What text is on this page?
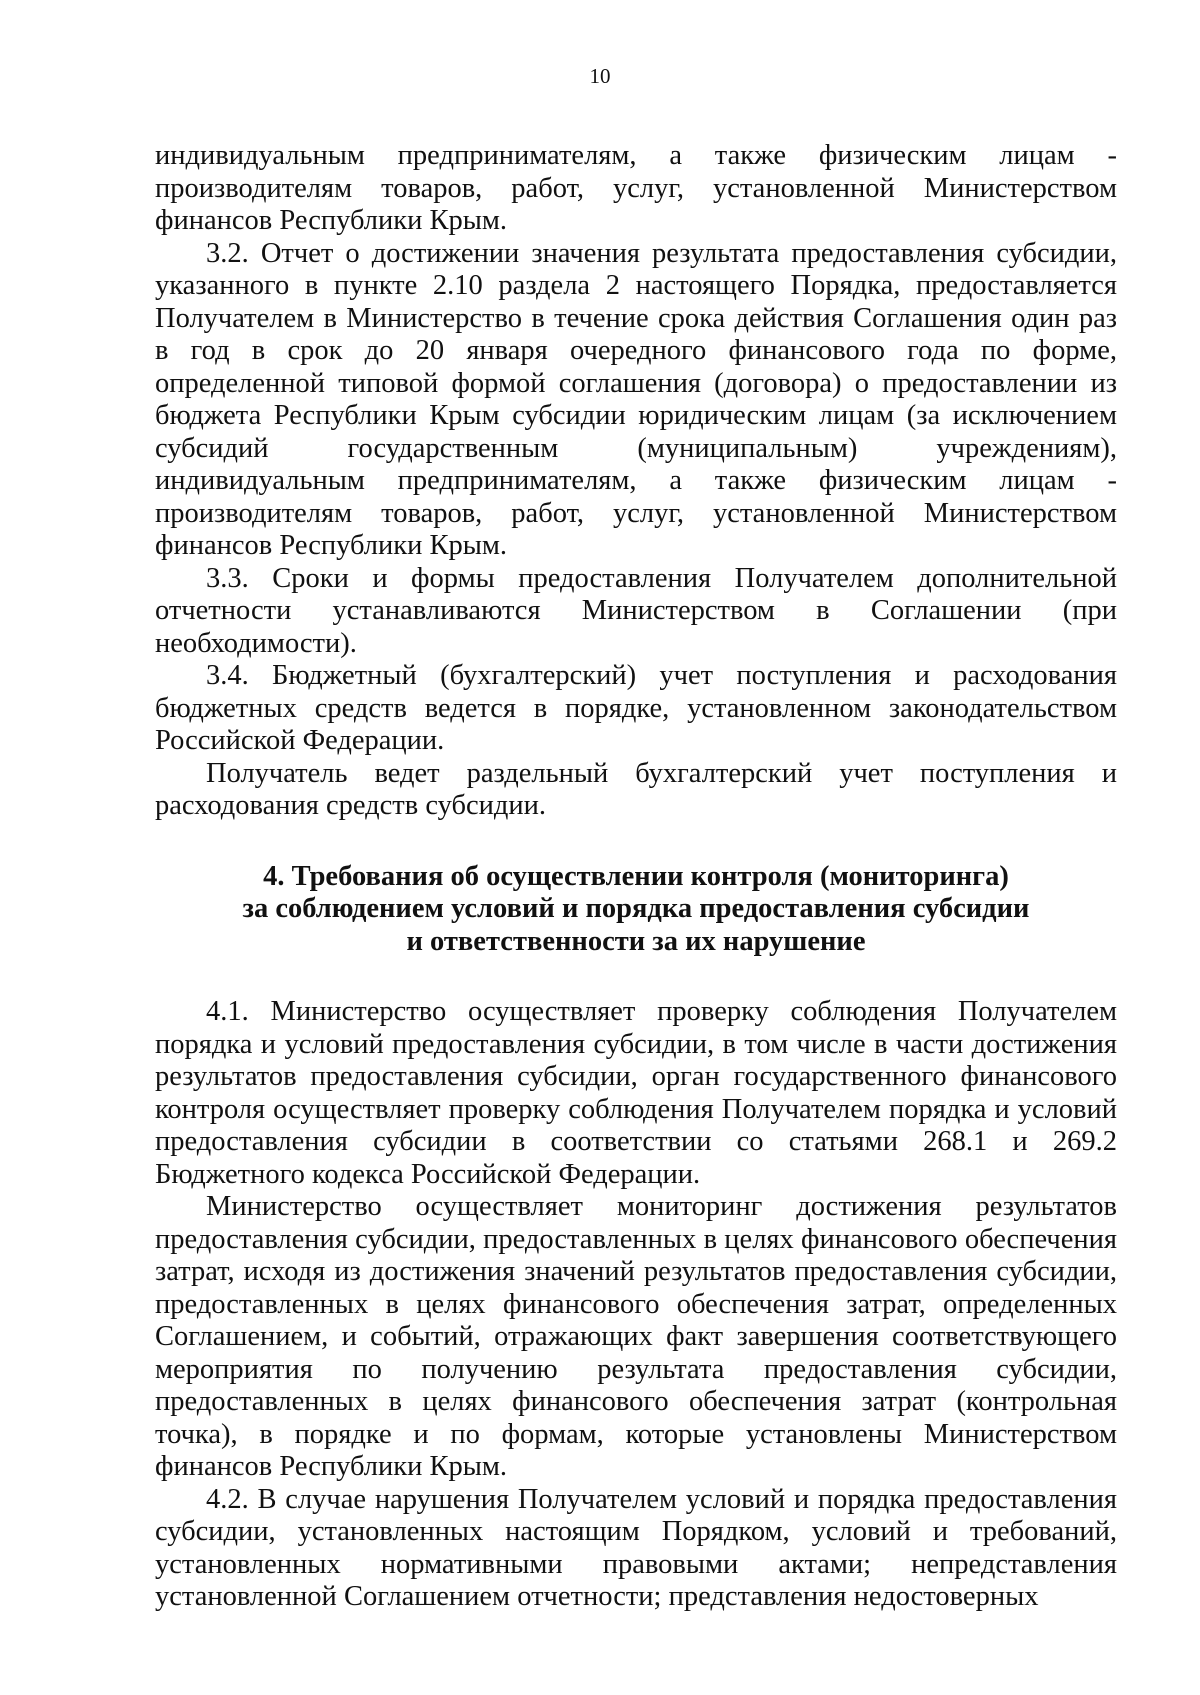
10

индивидуальным предпринимателям, а также физическим лицам - производителям товаров, работ, услуг, установленной Министерством финансов Республики Крым.

3.2. Отчет о достижении значения результата предоставления субсидии, указанного в пункте 2.10 раздела 2 настоящего Порядка, предоставляется Получателем в Министерство в течение срока действия Соглашения один раз в год в срок до 20 января очередного финансового года по форме, определенной типовой формой соглашения (договора) о предоставлении из бюджета Республики Крым субсидии юридическим лицам (за исключением субсидий государственным (муниципальным) учреждениям), индивидуальным предпринимателям, а также физическим лицам - производителям товаров, работ, услуг, установленной Министерством финансов Республики Крым.

3.3. Сроки и формы предоставления Получателем дополнительной отчетности устанавливаются Министерством в Соглашении (при необходимости).

3.4. Бюджетный (бухгалтерский) учет поступления и расходования бюджетных средств ведется в порядке, установленном законодательством Российской Федерации.

Получатель ведет раздельный бухгалтерский учет поступления и расходования средств субсидии.

4. Требования об осуществлении контроля (мониторинга)
за соблюдением условий и порядка предоставления субсидии
и ответственности за их нарушение

4.1. Министерство осуществляет проверку соблюдения Получателем порядка и условий предоставления субсидии, в том числе в части достижения результатов предоставления субсидии, орган государственного финансового контроля осуществляет проверку соблюдения Получателем порядка и условий предоставления субсидии в соответствии со статьями 268.1 и 269.2 Бюджетного кодекса Российской Федерации.

Министерство осуществляет мониторинг достижения результатов предоставления субсидии, предоставленных в целях финансового обеспечения затрат, исходя из достижения значений результатов предоставления субсидии, предоставленных в целях финансового обеспечения затрат, определенных Соглашением, и событий, отражающих факт завершения соответствующего мероприятия по получению результата предоставления субсидии, предоставленных в целях финансового обеспечения затрат (контрольная точка), в порядке и по формам, которые установлены Министерством финансов Республики Крым.

4.2. В случае нарушения Получателем условий и порядка предоставления субсидии, установленных настоящим Порядком, условий и требований, установленных нормативными правовыми актами; непредставления установленной Соглашением отчетности; представления недостоверных
